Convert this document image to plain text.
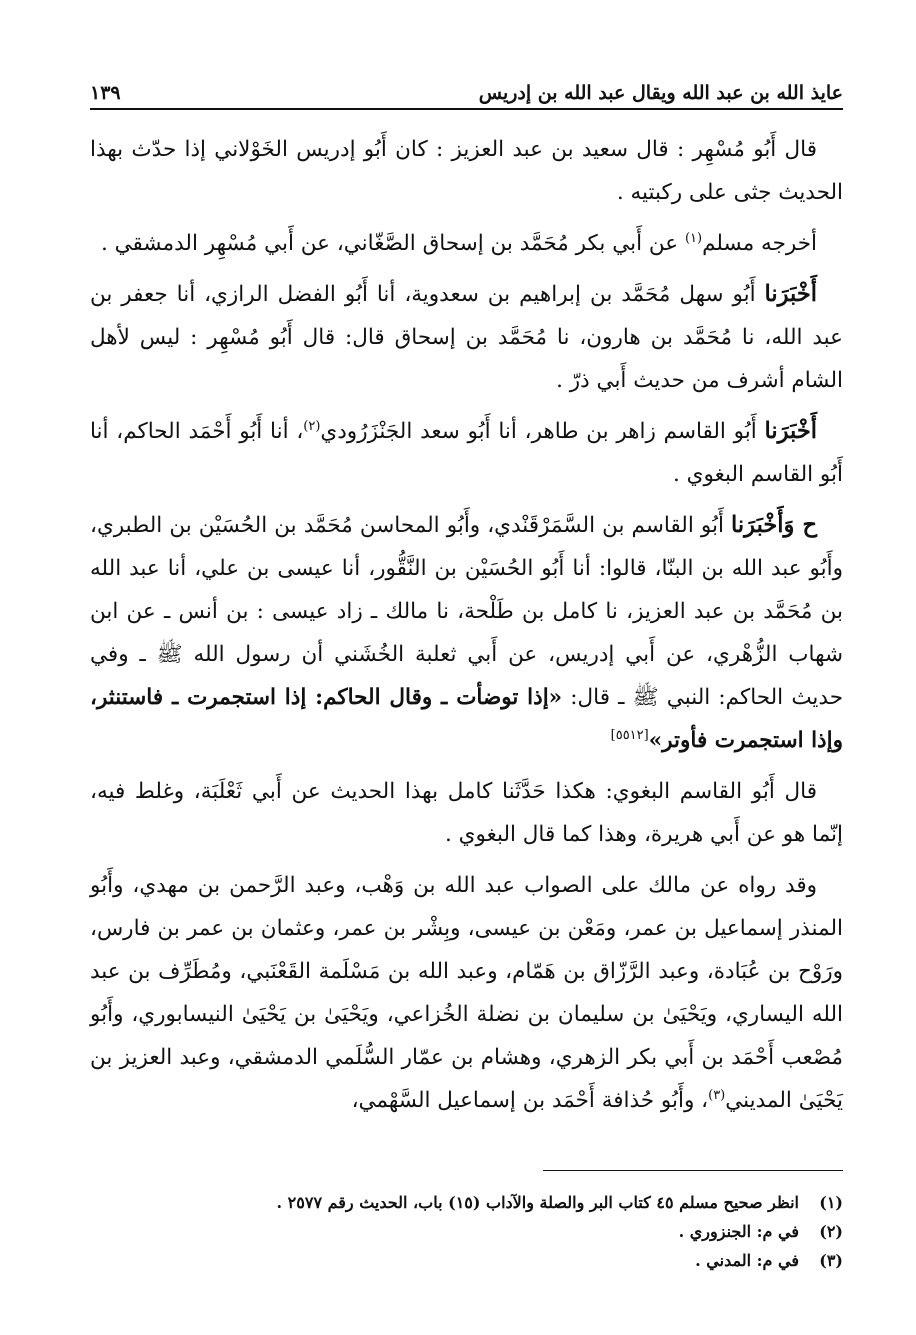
عايذ الله بن عبد الله ويقال عبد الله بن إدريس
١٣٩

قال أَبُو مُسْهِر : قال سعيد بن عبد العزيز : كان أَبُو إدريس الخَوْلاني إذا حدّث بهذا الحديث جثى على ركبتيه .

أخرجه مسلم$^{(١)}$ عن أَبي بكر مُحَمَّد بن إسحاق الصَّغّاني، عن أَبي مُسْهِر الدمشقي .

أَخْبَرَنا أَبُو سهل مُحَمَّد بن إبراهيم بن سعدوية، أنا أَبُو الفضل الرازي، أنا جعفر بن عبد الله، نا مُحَمَّد بن هارون، نا مُحَمَّد بن إسحاق قال: قال أَبُو مُسْهِر : ليس لأهل الشام أشرف من حديث أَبي ذرّ .

أَخْبَرَنا أَبُو القاسم زاهر بن طاهر، أنا أَبُو سعد الجَنْزَرُودي$^{(٢)}$، أنا أَبُو أَحْمَد الحاكم، أنا أَبُو القاسم البغوي .

ح وَأَخْبَرَنا أَبُو القاسم بن السَّمَرْقَنْدي، وأَبُو المحاسن مُحَمَّد بن الحُسَيْن بن الطبري، وأَبُو عبد الله بن البنّا، قالوا: أنا أَبُو الحُسَيْن بن النَّقُّور، أنا عيسى بن علي، أنا عبد الله بن مُحَمَّد بن عبد العزيز، نا كامل بن طَلْحة، نا مالك ـ زاد عيسى : بن أنس ـ عن ابن شهاب الزُّهْري، عن أَبي إدريس، عن أَبي ثعلبة الخُشَني أن رسول الله ﷺ ـ وفي حديث الحاكم: النبي ﷺ ـ قال: «إذا توضأت ـ وقال الحاكم: إذا استجمرت ـ فاستنثر، وإذا استجمرت فأوتر»[٥٥١٢]

قال أَبُو القاسم البغوي: هكذا حَدَّثَنا كامل بهذا الحديث عن أَبي ثَعْلَبَة، وغلط فيه، إنّما هو عن أَبي هريرة، وهذا كما قال البغوي .

وقد رواه عن مالك على الصواب عبد الله بن وَهْب، وعبد الرَّحمن بن مهدي، وأَبُو المنذر إسماعيل بن عمر، ومَعْن بن عيسى، وبِشْر بن عمر، وعثمان بن عمر بن فارس، ورَوْح بن عُبَادة، وعبد الرَّزّاق بن هَمّام، وعبد الله بن مَسْلَمة القَعْنَبي، ومُطَرِّف بن عبد الله اليساري، ويَحْيَىٰ بن سليمان بن نضلة الخُزاعي، ويَحْيَىٰ بن يَحْيَىٰ النيسابوري، وأَبُو مُصْعب أَحْمَد بن أَبي بكر الزهري، وهشام بن عمّار السُّلَمي الدمشقي، وعبد العزيز بن يَحْيَىٰ المديني$^{(٣)}$، وأَبُو حُذافة أَحْمَد بن إسماعيل السَّهْمي،

(١)
انظر صحيح مسلم ٤٥ كتاب البر والصلة والآداب (١٥) باب، الحديث رقم ٢٥٧٧ .
(٢)
في م: الجنزوري .
(٣)
في م: المدني .
